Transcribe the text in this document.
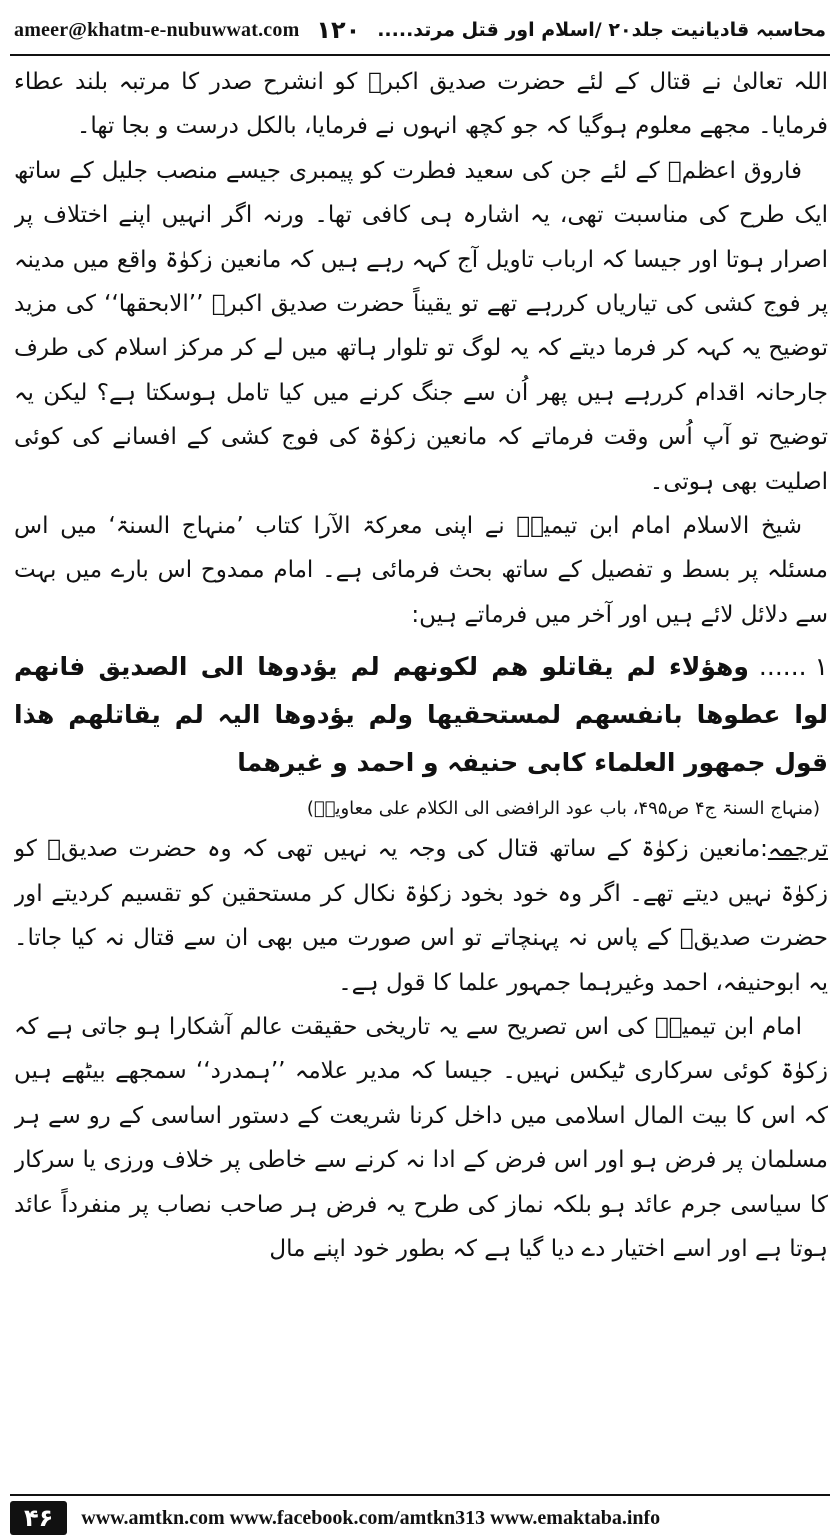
ameer@khatm-e-nubuwwat.com ۱۲۰ محاسبہ قادیانیت جلد۲۰ /اسلام اور قتل مرتد.....

اللہ تعالیٰ نے قتال کے لئے حضرت صدیق اکبرؓ کو انشرح صدر کا مرتبہ بلند عطاء فرمایا۔ مجھے معلوم ہوگیا کہ جو کچھ انہوں نے فرمایا، بالکل درست و بجا تھا۔

فاروق اعظمؓ کے لئے جن کی سعید فطرت کو پیمبری جیسے منصب جلیل کے ساتھ ایک طرح کی مناسبت تھی، یہ اشارہ ہی کافی تھا۔ ورنہ اگر انہیں اپنے اختلاف پر اصرار ہوتا اور جیسا کہ ارباب تاویل آج کہہ رہے ہیں کہ مانعین زکوٰۃ واقع میں مدینہ پر فوج کشی کی تیاریاں کررہے تھے تو یقیناً حضرت صدیق اکبرؓ ’’الابحقھا‘‘ کی مزید توضیح یہ کہہ کر فرما دیتے کہ یہ لوگ تو تلوار ہاتھ میں لے کر مرکز اسلام کی طرف جارحانہ اقدام کررہے ہیں پھر اُن سے جنگ کرنے میں کیا تامل ہوسکتا ہے؟ لیکن یہ توضیح تو آپ اُس وقت فرماتے کہ مانعین زکوٰۃ کی فوج کشی کے افسانے کی کوئی اصلیت بھی ہوتی۔

شیخ الاسلام امام ابن تیمیہؒ نے اپنی معرکۃ الآرا کتاب ’منہاج السنۃ‘ میں اس مسئلہ پر بسط و تفصیل کے ساتھ بحث فرمائی ہے۔ امام ممدوح اس بارے میں بہت سے دلائل لائے ہیں اور آخر میں فرماتے ہیں:

۱ ......وھؤلاء لم یقاتلو ھم لکونھم لم یؤدوھا الی الصدیق فانھم لوا عطوھا بانفسھم لمستحقیھا ولم یؤدوھا الیہ لم یقاتلھم ھذا قول جمھور العلماء کابی حنیفہ و احمد و غیرھما

(منہاج السنۃ ج۴ ص۴۹۵، باب عود الرافضی الی الکلام علی معاویہؓ)

ترجمہ:مانعین زکوٰۃ کے ساتھ قتال کی وجہ یہ نہیں تھی کہ وہ حضرت صدیقؓ کو زکوٰۃ نہیں دیتے تھے۔ اگر وہ خود بخود زکوٰۃ نکال کر مستحقین کو تقسیم کردیتے اور حضرت صدیقؓ کے پاس نہ پہنچاتے تو اس صورت میں بھی ان سے قتال نہ کیا جاتا۔ یہ ابوحنیفہ، احمد وغیرہما جمہور علما کا قول ہے۔

امام ابن تیمیہؒ کی اس تصریح سے یہ تاریخی حقیقت عالم آشکارا ہو جاتی ہے کہ زکوٰۃ کوئی سرکاری ٹیکس نہیں۔ جیسا کہ مدیر علامہ ’’ہمدرد‘‘ سمجھے بیٹھے ہیں کہ اس کا بیت المال اسلامی میں داخل کرنا شریعت کے دستور اساسی کے رو سے ہر مسلمان پر فرض ہو اور اس فرض کے ادا نہ کرنے سے خاطی پر خلاف ورزی یا سرکار کا سیاسی جرم عائد ہو بلکہ نماز کی طرح یہ فرض ہر صاحب نصاب پر منفرداً عائد ہوتا ہے اور اسے اختیار دے دیا گیا ہے کہ بطور خود اپنے مال

۴۶	www.amtkn.com www.facebook.com/amtkn313 www.emaktaba.info
